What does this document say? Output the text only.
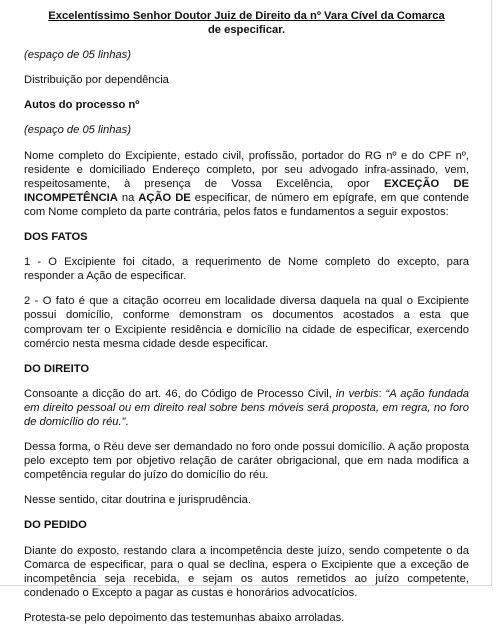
Excelentíssimo Senhor Doutor Juiz de Direito da nº Vara Cível da Comarca
de especificar.

(espaço de 05 linhas)

Distribuição por dependência

Autos do processo nº

(espaço de 05 linhas)

Nome completo do Excipiente, estado civil, profissão, portador do RG nº e do CPF nº, residente e domiciliado Endereço completo, por seu advogado infra-assinado, vem, respeitosamente, à presença de Vossa Excelência, opor EXCEÇÃO DE INCOMPETÊNCIA na AÇÃO DE especificar, de número em epígrafe, em que contende com Nome completo da parte contrária, pelos fatos e fundamentos a seguir expostos:

DOS FATOS

1 - O Excipiente foi citado, a requerimento de Nome completo do excepto, para responder a Ação de especificar.

2 - O fato é que a citação ocorreu em localidade diversa daquela na qual o Excipiente possui domicílio, conforme demonstram os documentos acostados a esta que comprovam ter o Excipiente residência e domicílio na cidade de especificar, exercendo comércio nesta mesma cidade desde especificar.

DO DIREITO

Consoante a dicção do art. 46, do Código de Processo Civil, in verbis: “A ação fundada em direito pessoal ou em direito real sobre bens móveis será proposta, em regra, no foro de domicílio do réu.”.

Dessa forma, o Réu deve ser demandado no foro onde possui domicílio. A ação proposta pelo excepto tem por objetivo relação de caráter obrigacional, que em nada modifica a competência regular do juízo do domicílio do réu.

Nesse sentido, citar doutrina e jurisprudência.

DO PEDIDO

Diante do exposto, restando clara a incompetência deste juízo, sendo competente o da Comarca de especificar, para o qual se declina, espera o Excipiente que a exceção de incompetência seja recebida, e sejam os autos remetidos ao juízo competente, condenado o Excepto a pagar as custas e honorários advocatícios.

Protesta-se pelo depoimento das testemunhas abaixo arroladas.
